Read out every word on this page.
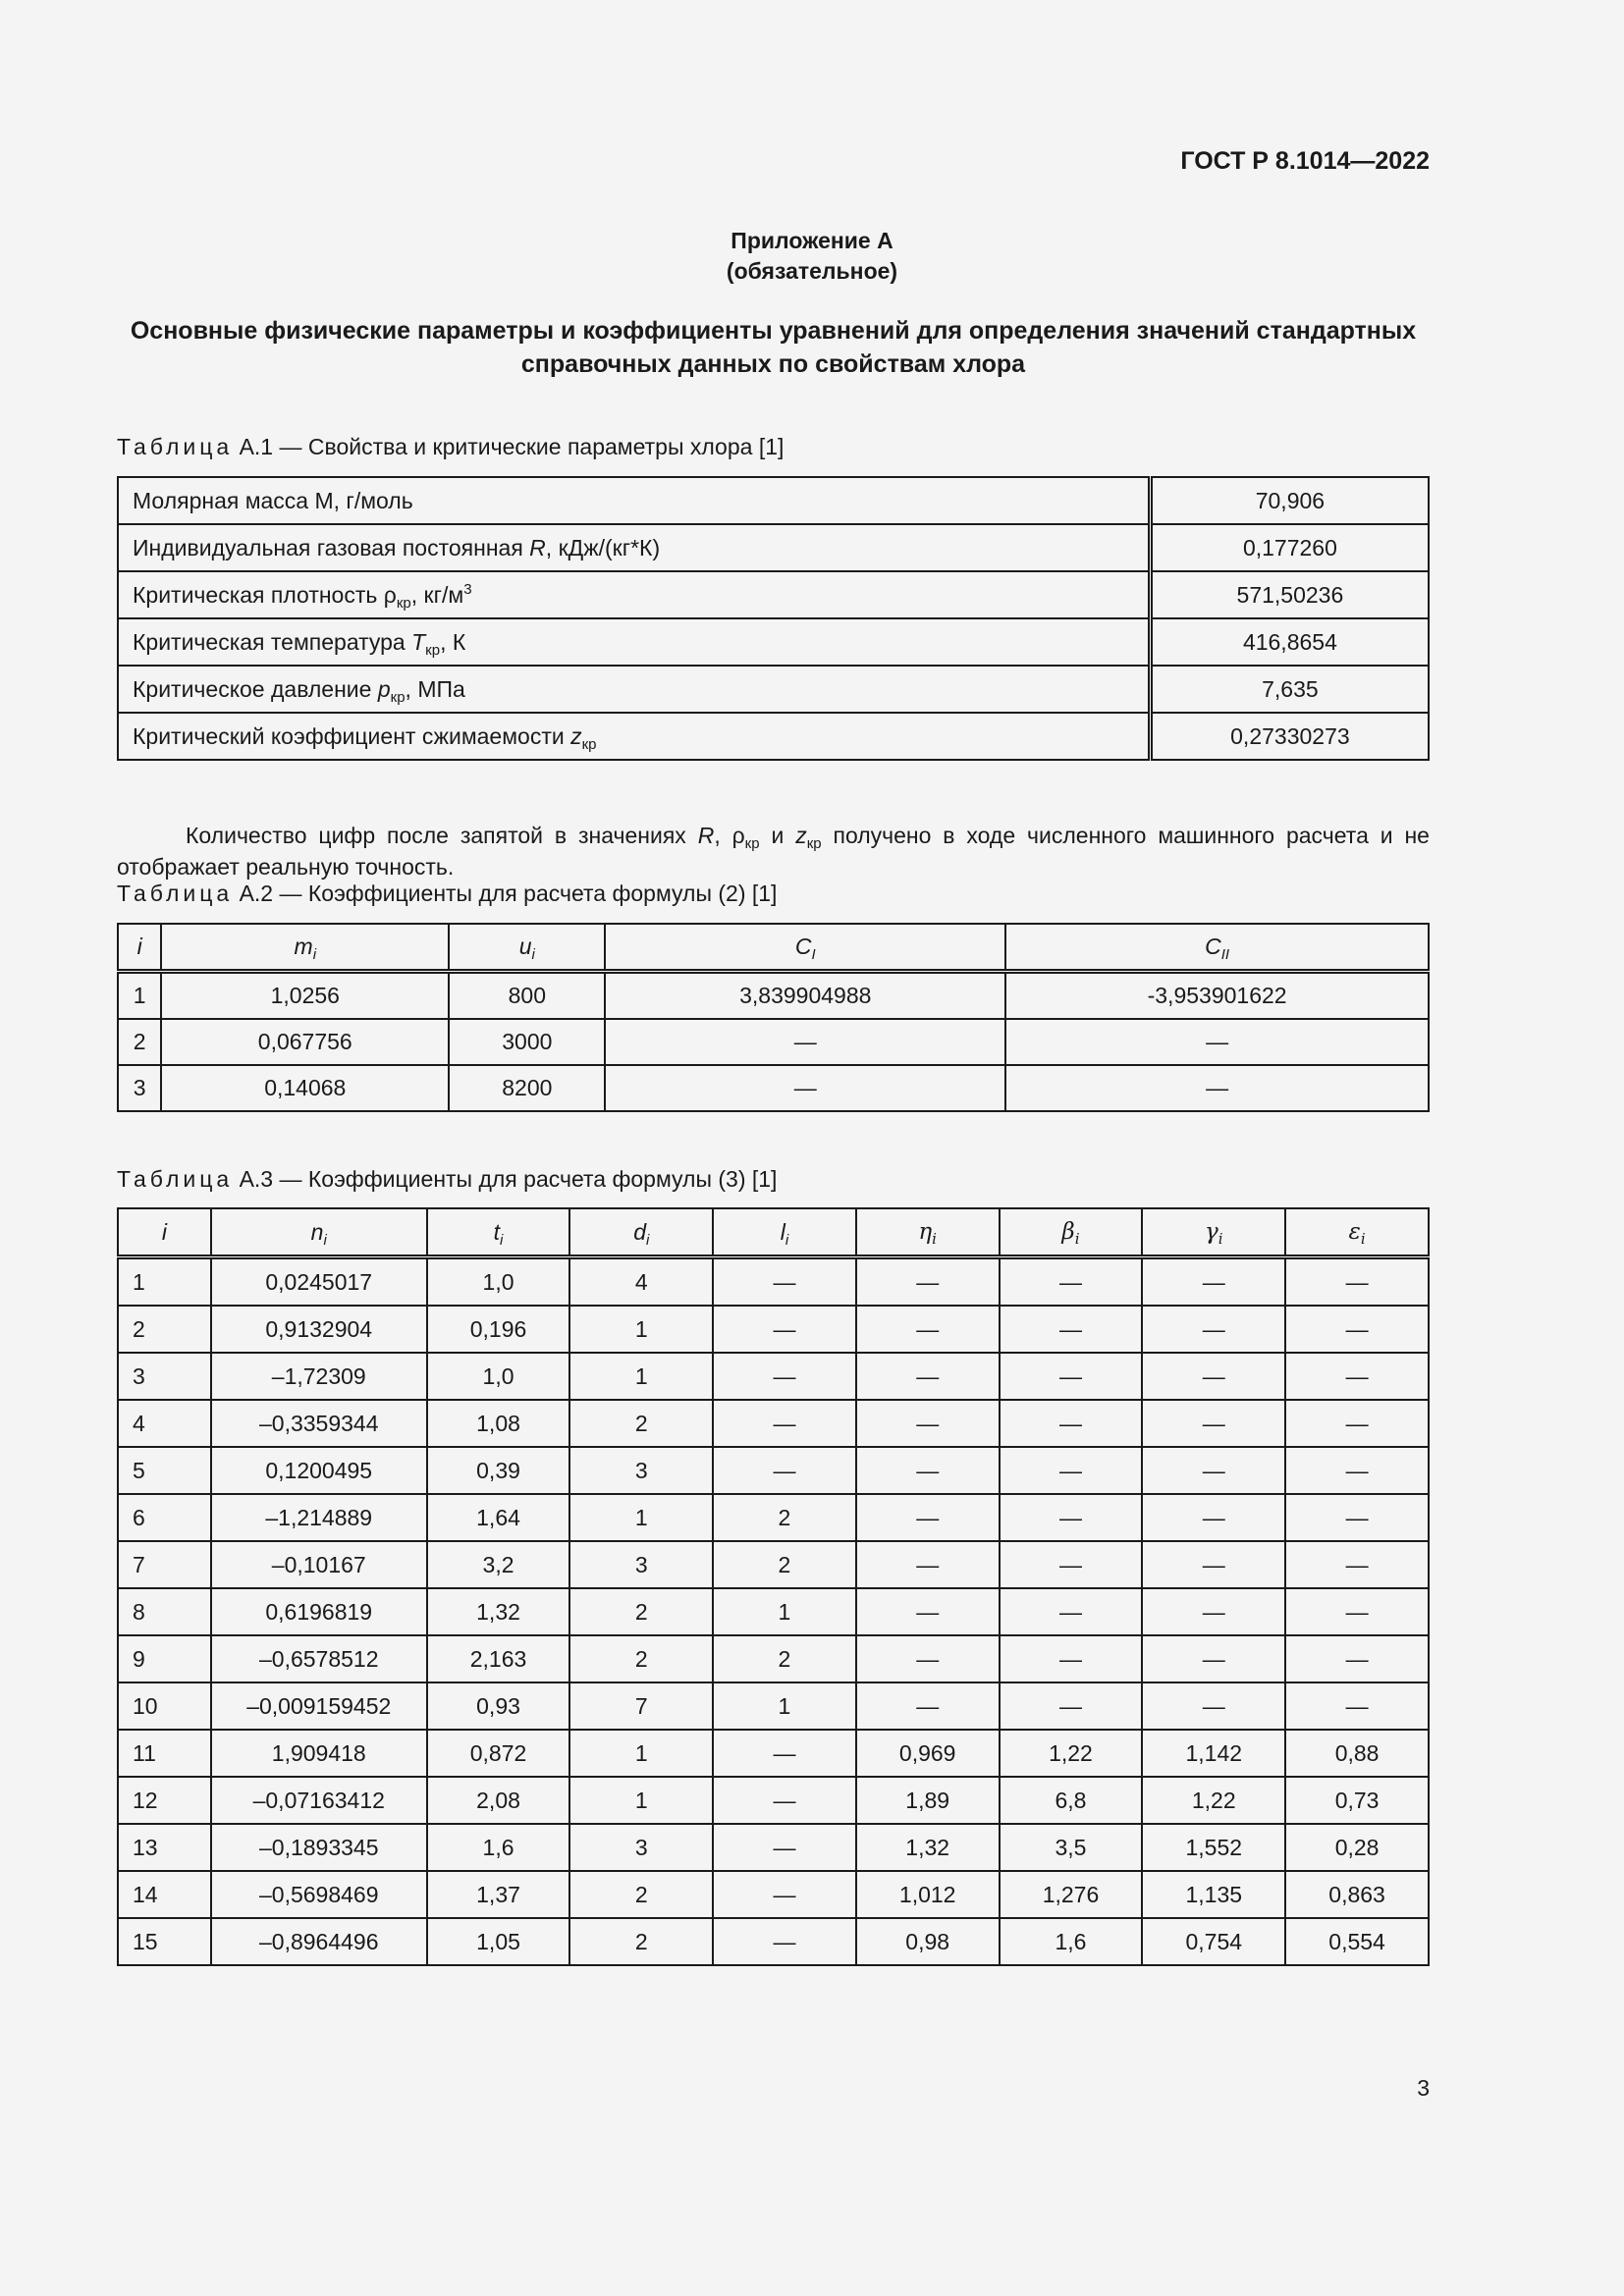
ГОСТ Р 8.1014—2022
Приложение А
(обязательное)
Основные физические параметры и коэффициенты уравнений для определения значений стандартных справочных данных по свойствам хлора
Таблица А.1 — Свойства и критические параметры хлора [1]
Молярная масса М, г/моль	70,906
Индивидуальная газовая постоянная R, кДж/(кг*К)	0,177260
Критическая плотность $\rho_{кр}$, $кг/м^3$	571,50236
Критическая температура $T_{кр}$, К	416,8654
Критическое давление $p_{кр}$, МПа	7,635
Критический коэффициент сжимаемости $z_{кр}$	0,27330273

Количество цифр после запятой в значениях R, $\rho_{кр}$ и $z_{кр}$ получено в ходе численного машинного расчета и не отображает реальную точность.

Таблица А.2 — Коэффициенты для расчета формулы (2) [1]
i	$m_i$	$u_i$	$C_I$	$C_{II}$
1	1,0256	800	3,839904988	-3,953901622
2	0,067756	3000	—	—
3	0,14068	8200	—	—
Таблица А.3 — Коэффициенты для расчета формулы (3) [1]
i	$n_i$	$t_i$	$d_i$	$l_i$	$\eta_i$	$\beta_i$	$\gamma_i$	$\varepsilon_i$
1	0,0245017	1,0	4	—	—	—	—	—
2	0,9132904	0,196	1	—	—	—	—	—
3	–1,72309	1,0	1	—	—	—	—	—
4	–0,3359344	1,08	2	—	—	—	—	—
5	0,1200495	0,39	3	—	—	—	—	—
6	–1,214889	1,64	1	2	—	—	—	—
7	–0,10167	3,2	3	2	—	—	—	—
8	0,6196819	1,32	2	1	—	—	—	—
9	–0,6578512	2,163	2	2	—	—	—	—
10	–0,009159452	0,93	7	1	—	—	—	—
11	1,909418	0,872	1	—	0,969	1,22	1,142	0,88
12	–0,07163412	2,08	1	—	1,89	6,8	1,22	0,73
13	–0,1893345	1,6	3	—	1,32	3,5	1,552	0,28
14	–0,5698469	1,37	2	—	1,012	1,276	1,135	0,863
15	–0,8964496	1,05	2	—	0,98	1,6	0,754	0,554
3
